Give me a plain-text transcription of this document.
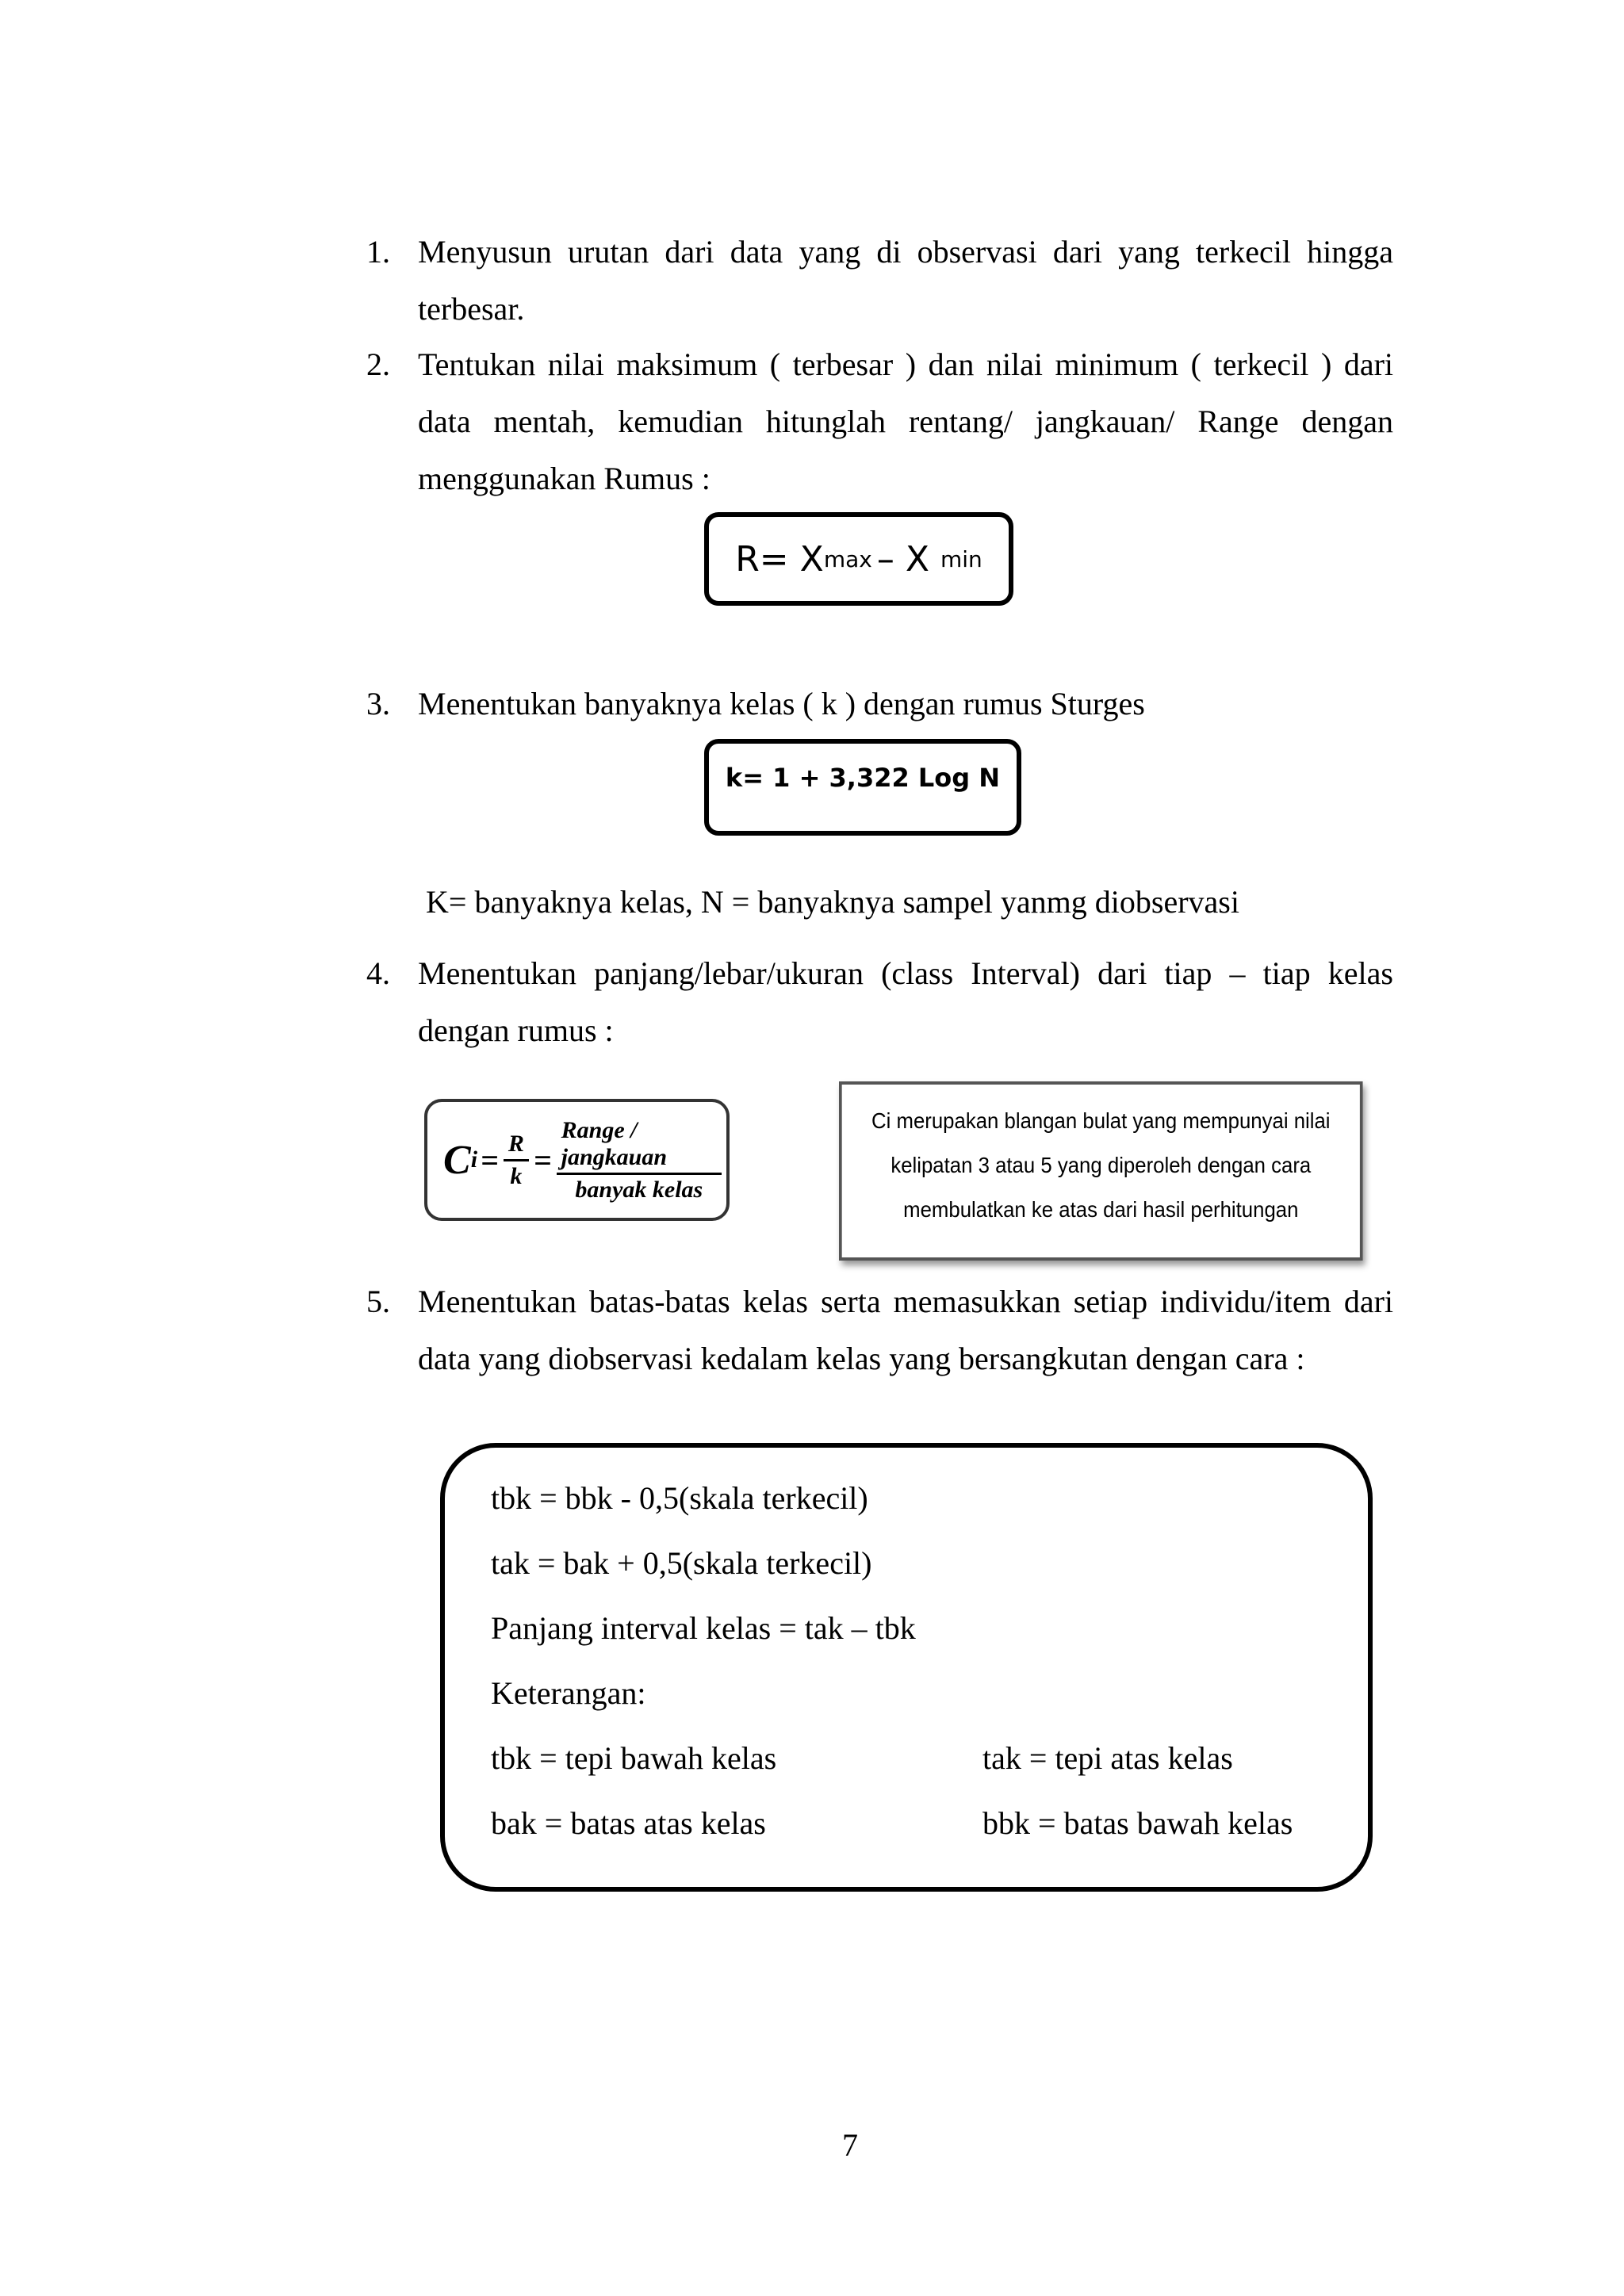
1. Menyusun urutan dari data yang di observasi dari yang terkecil hingga
terbesar.
2. Tentukan nilai maksimum ( terbesar ) dan nilai minimum ( terkecil ) dari
data mentah, kemudian hitunglah rentang/ jangkauan/ Range dengan
menggunakan Rumus :
R= X max – X min
3. Menentukan banyaknya kelas ( k ) dengan rumus Sturges
k= 1 + 3,322 Log N
K= banyaknya kelas, N = banyaknya sampel yanmg diobservasi
4. Menentukan panjang/lebar/ukuran (class Interval) dari tiap – tiap kelas
dengan rumus :
C $i = \frac{R}{k} = \frac{\text{Range / jangkauan}}{\text{banyak kelas}}$	Ci merupakan blangan bulat yang mempunyai nilai
kelipatan 3 atau 5 yang diperoleh dengan cara
membulatkan ke atas dari hasil perhitungan
5. Menentukan batas-batas kelas serta memasukkan setiap individu/item dari
data yang diobservasi kedalam kelas yang bersangkutan dengan cara :
tbk = bbk - 0,5(skala terkecil)
tak = bak + 0,5(skala terkecil)
Panjang interval kelas = tak – tbk
Keterangan:
tbk = tepi bawah kelas	tak = tepi atas kelas
bak = batas atas kelas	bbk = batas bawah kelas
7
